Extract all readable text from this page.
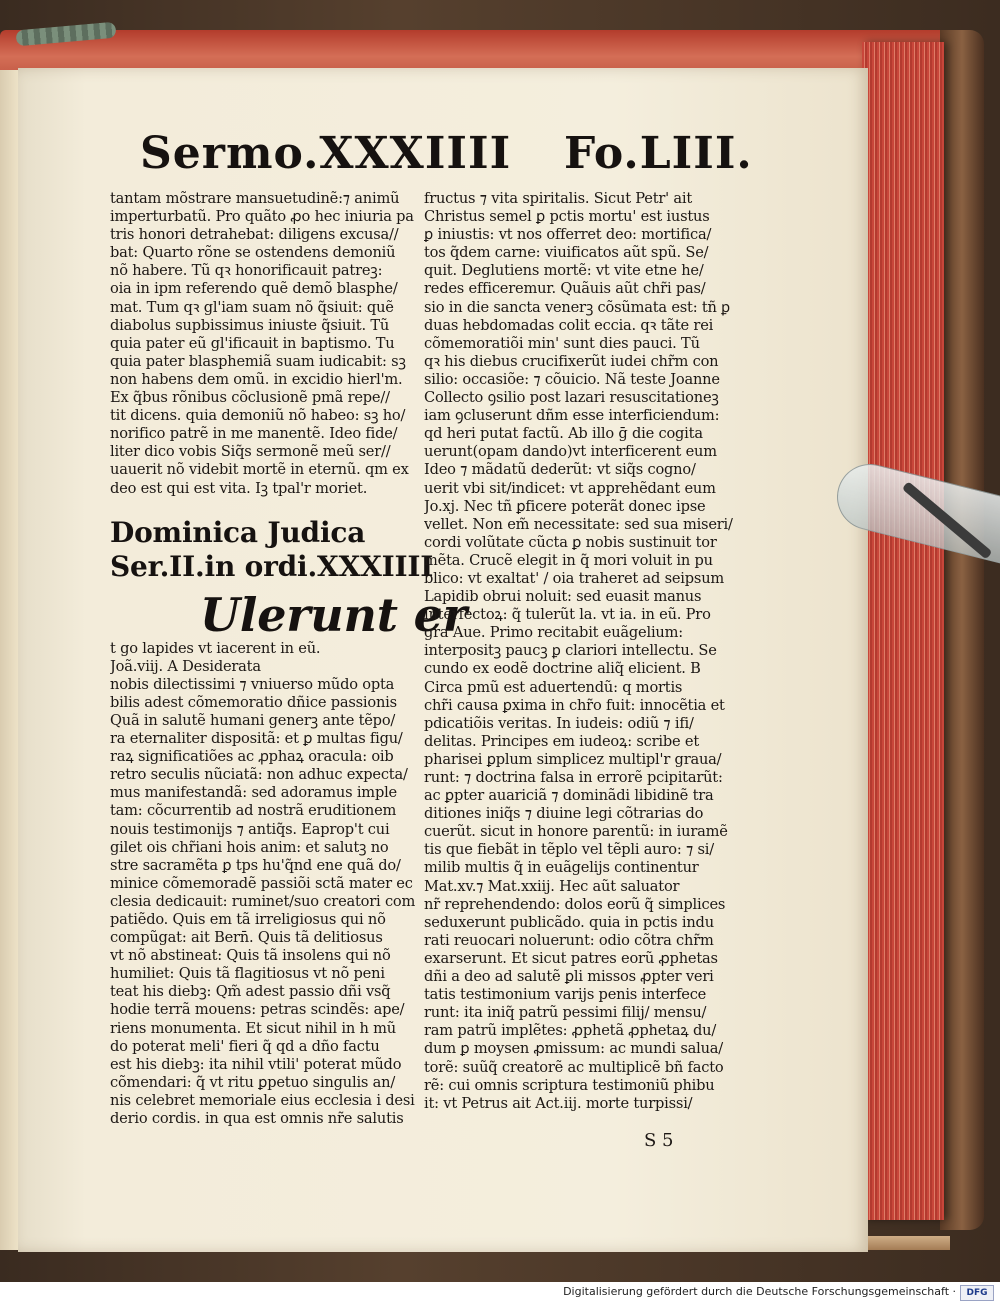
Sermo.XXXIIII Fo.LIII.
tantam mõstrare mansuetudinẽ:⁊ animũ
imperturbatũ. Pro quãto ꝓo hec iniuria pa
tris honori detrahebat: diligens excusa//
bat: Quarto rõne se ostendens demoniũ
nõ habere. Tũ qꝛ honorificauit patreꝫ:
oia in ipm referendo quẽ demõ blasphe/
mat. Tum qꝛ gl'iam suam nõ q̃siuit: quẽ
diabolus supbissimus iniuste q̃siuit. Tũ
quia pater eũ gl'ificauit in baptismo. Tu
quia pater blasphemiã suam iudicabit: sꝫ
non habens dem omũ. in excidio hierl'm.
Ex q̃bus rõnibus cõclusionẽ pmã repe//
tit dicens. quia demoniũ nõ habeo: sꝫ ho/
norifico patrẽ in me manentẽ. Ideo fide/
liter dico vobis Siq̃s sermonẽ meũ ser//
uauerit nõ videbit mortẽ in eternũ. qm ex
deo est qui est vita. Iꝫ tpal'r moriet.
Dominica Judica
Ser.II.in ordi.XXXIIII
Ulerunt er
t go lapides vt iacerent in eũ.
Joã.viij. A Desiderata
nobis dilectissimi ⁊ vniuerso mũdo opta
bilis adest cõmemoratio dñice passionis
Quã in salutẽ humani generꝫ ante tẽpo/
ra eternaliter dispositã: et ꝑ multas figu/
raꝝ significatiões ac ꝓphaꝝ oracula: oib
retro seculis nũciatã: non adhuc expecta/
mus manifestandã: sed adoramus imple
tam: cõcurrentib ad nostrã eruditionem
nouis testimonijs ⁊ antiq̃s. Eaprop't cui
gilet ois chr̃iani hois anim: et salutꝫ no
stre sacramẽta ꝑ tps hu'q̃nd ene quã do/
minice cõmemoradẽ passiõi sctã mater ec
clesia dedicauit: ruminet/suo creatori com
patiẽdo. Quis em tã irreligiosus qui nõ
compũgat: ait Bern̄. Quis tã delitiosus
vt nõ abstineat: Quis tã insolens qui nõ
humiliet: Quis tã flagitiosus vt nõ peni
teat his diebꝫ: Qm̃ adest passio dñi vsq̃
hodie terrã mouens: petras scindẽs: ape/
riens monumenta. Et sicut nihil in h mũ
do poterat meli' fieri q̃ qd a dño factu
est his diebꝫ: ita nihil vtili' poterat mũdo
cõmendari: q̃ vt ritu ꝑpetuo singulis an/
nis celebret memoriale eius ecclesia i desi
derio cordis. in qua est omnis nr̃e salutis
fructus ⁊ vita spiritalis. Sicut Petr' ait
Christus semel ꝑ pctis mortu' est iustus
ꝑ iniustis: vt nos offerret deo: mortifica/
tos q̃dem carne: viuificatos aũt spũ. Se/
quit. Deglutiens mortẽ: vt vite etne he/
redes efficeremur. Quãuis aũt chr̃i pas/
sio in die sancta venerꝫ cõsũmata est: tñ ꝑ
duas hebdomadas colit eccia. qꝛ tãte rei
cõmemoratiõi min' sunt dies pauci. Tũ
qꝛ his diebus crucifixerũt iudei chr̃m con
silio: occasiõe: ⁊ cõuicio. Nã teste Joanne
Collecto ꝯsilio post lazari resuscitationeꝫ
iam ꝯcluserunt dñm esse interficiendum:
qd heri putat factũ. Ab illo ḡ die cogita
uerunt(opam dando)vt interficerent eum
Ideo ⁊ mãdatũ dederũt: vt siq̃s cogno/
uerit vbi sit/indicet: vt apprehẽdant eum
Jo.xj. Nec tñ ꝑficere poterãt donec ipse
vellet. Non em̃ necessitate: sed sua miseri/
cordi volũtate cũcta ꝑ nobis sustinuit tor
mẽta. Crucẽ elegit in q̃ mori voluit in pu
blico: vt exaltat' / oia traheret ad seipsum
Lapidib obrui noluit: sed euasit manus
interfectoꝝ: q̃ tulerũt la. vt ia. in eũ. Pro
gra Aue. Primo recitabit euãgelium:
interpositꝫ paucꝫ ꝑ clariori intellectu. Se
cundo ex eodẽ doctrine aliq̃ elicient. B
Circa pmũ est aduertendũ: q mortis
chr̃i causa ꝑxima in chr̃o fuit: innocẽtia et
pdicatiõis veritas. In iudeis: odiũ ⁊ ifi/
delitas. Principes em iudeoꝝ: scribe et
pharisei ꝑplum simplicez multipl'r graua/
runt: ⁊ doctrina falsa in errorẽ pcipitarũt:
ac ꝑpter auariciã ⁊ dominãdi libidinẽ tra
ditiones iniq̃s ⁊ diuine legi cõtrarias do
cuerũt. sicut in honore parentũ: in iuramẽ
tis que fiebãt in tẽplo vel tẽpli auro: ⁊ si/
milib multis q̃ in euãgelijs continentur
Mat.xv.⁊ Mat.xxiij. Hec aũt saluator
nr̃ reprehendendo: dolos eorũ q̃ simplices
seduxerunt publicãdo. quia in pctis indu
rati reuocari noluerunt: odio cõtra chr̃m
exarserunt. Et sicut patres eorũ ꝓphetas
dñi a deo ad salutẽ ꝑli missos ꝓpter veri
tatis testimonium varijs penis interfece
runt: ita iniq̃ patrũ pessimi filij/ mensu/
ram patrũ implẽtes: ꝓphetã ꝓphetaꝝ du/
dum ꝑ moysen ꝓmissum: ac mundi salua/
torẽ: suũq̃ creatorẽ ac multiplicẽ bñ facto
rẽ: cui omnis scriptura testimoniũ phibu
it: vt Petrus ait Act.iij. morte turpissi/
S 5
Digitalisierung gefördert durch die Deutsche Forschungsgemeinschaft ·	DFG
